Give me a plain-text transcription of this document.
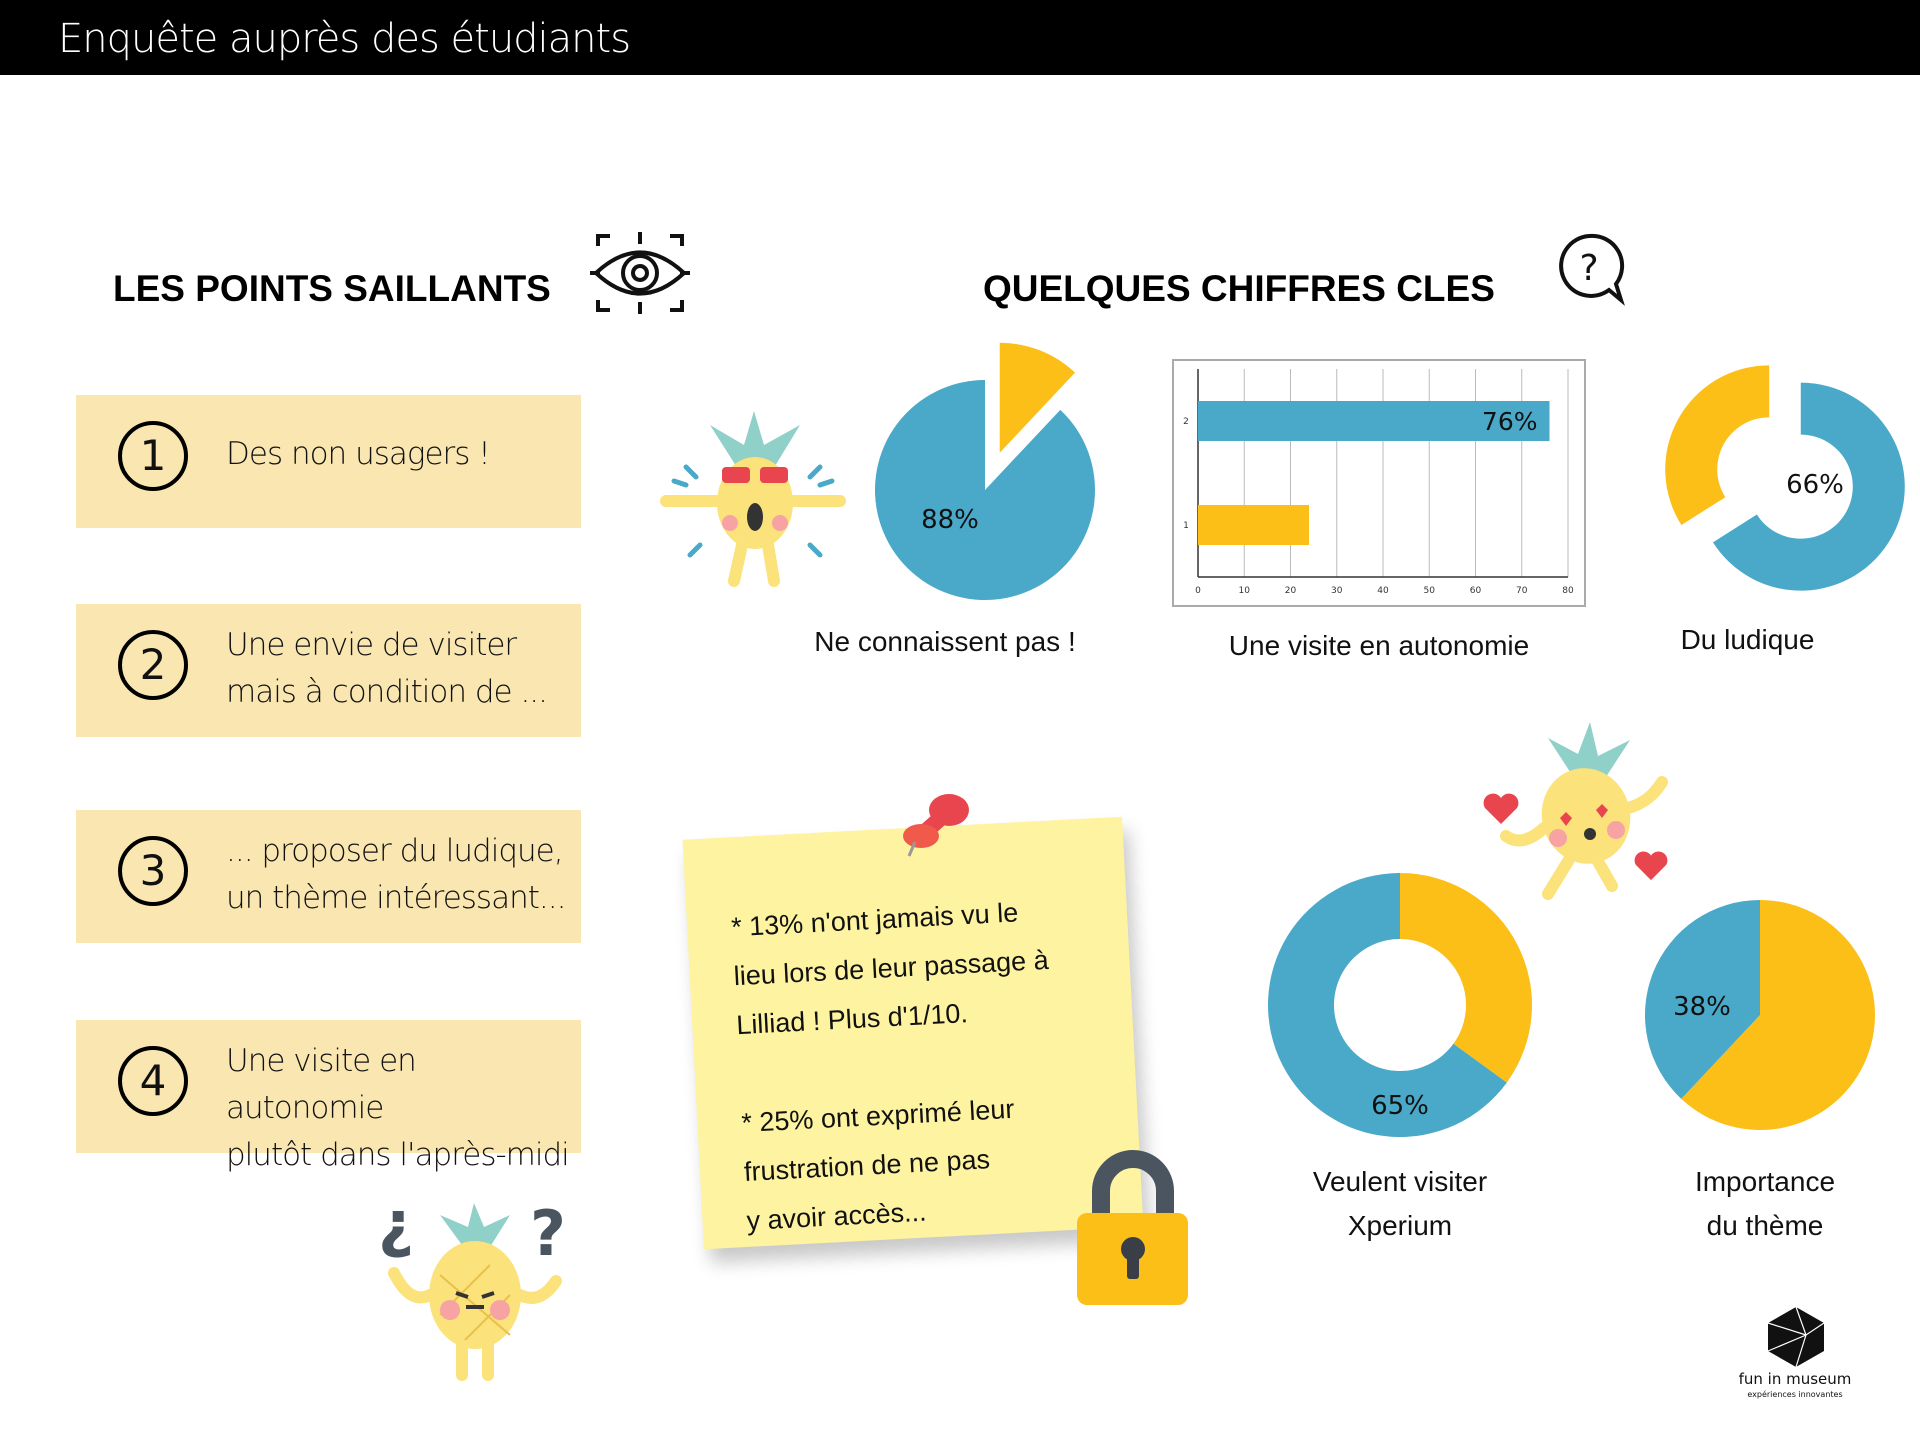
Enquête auprès des étudiants
LES POINTS SAILLANTS
1	Des non usagers !
2	Une envie de visiter
mais à condition de ...
3	... proposer du ludique,
un thème intéressant...
4	Une visite en autonomie
plutôt dans l'après-midi
¿ ?
QUELQUES CHIFFRES CLES ?
88%
Ne connaissent pas !
0	10	20	30	40	50	60	70	80
1
2	76%
Une visite en autonomie
66%
Du ludique
65%
Veulent visiter
Xperium
38%
Importance
du thème
* 13% n'ont jamais vu le
lieu lors de leur passage à
Lilliad ! Plus d'1/10.

* 25% ont exprimé leur
frustration de ne pas
y avoir accès...
fun in museum
expériences innovantes
